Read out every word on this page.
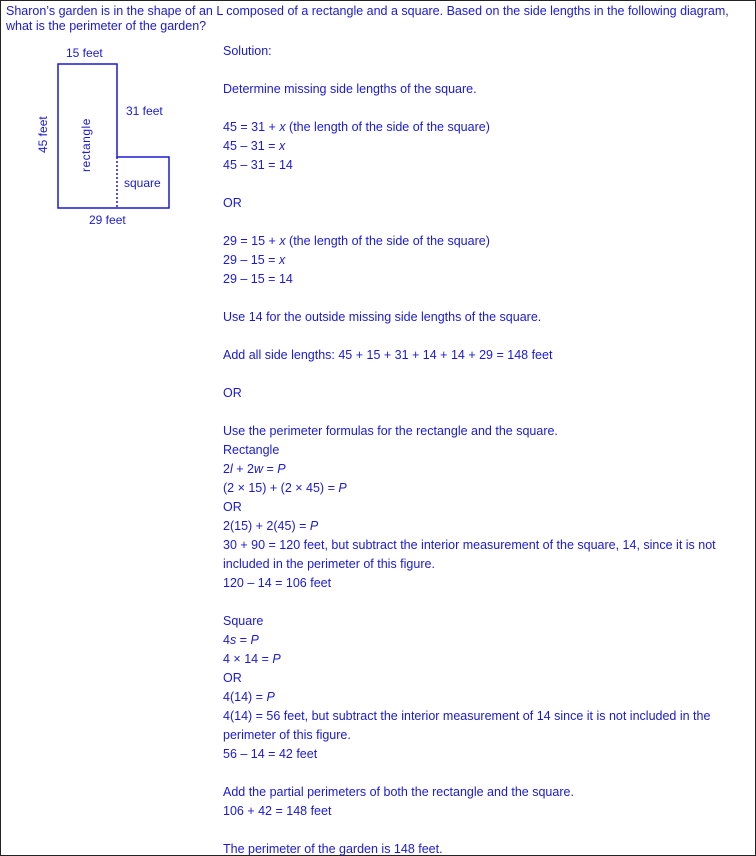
Sharon’s garden is in the shape of an L composed of a rectangle and a square. Based on the side lengths in the following diagram, what is the perimeter of the garden?

15 feet
45 feet
31 feet
29 feet
rectangle
square
Solution:
Determine missing side lengths of the square.
45 = 31 + x (the length of the side of the square)
45 – 31 = x
45 – 31 = 14
OR
29 = 15 + x (the length of the side of the square)
29 – 15 = x
29 – 15 = 14
Use 14 for the outside missing side lengths of the square.
Add all side lengths: 45 + 15 + 31 + 14 + 14 + 29 = 148 feet
OR
Use the perimeter formulas for the rectangle and the square.
Rectangle
2l + 2w = P
(2 × 15) + (2 × 45) = P
OR
2(15) + 2(45) = P
30 + 90 = 120 feet, but subtract the interior measurement of the square, 14, since it is not included in the perimeter of this figure.
120 – 14 = 106 feet
Square
4s = P
4 × 14 = P
OR
4(14) = P
4(14) = 56 feet, but subtract the interior measurement of 14 since it is not included in the perimeter of this figure.
56 – 14 = 42 feet
Add the partial perimeters of both the rectangle and the square.
106 + 42 = 148 feet
The perimeter of the garden is 148 feet.
